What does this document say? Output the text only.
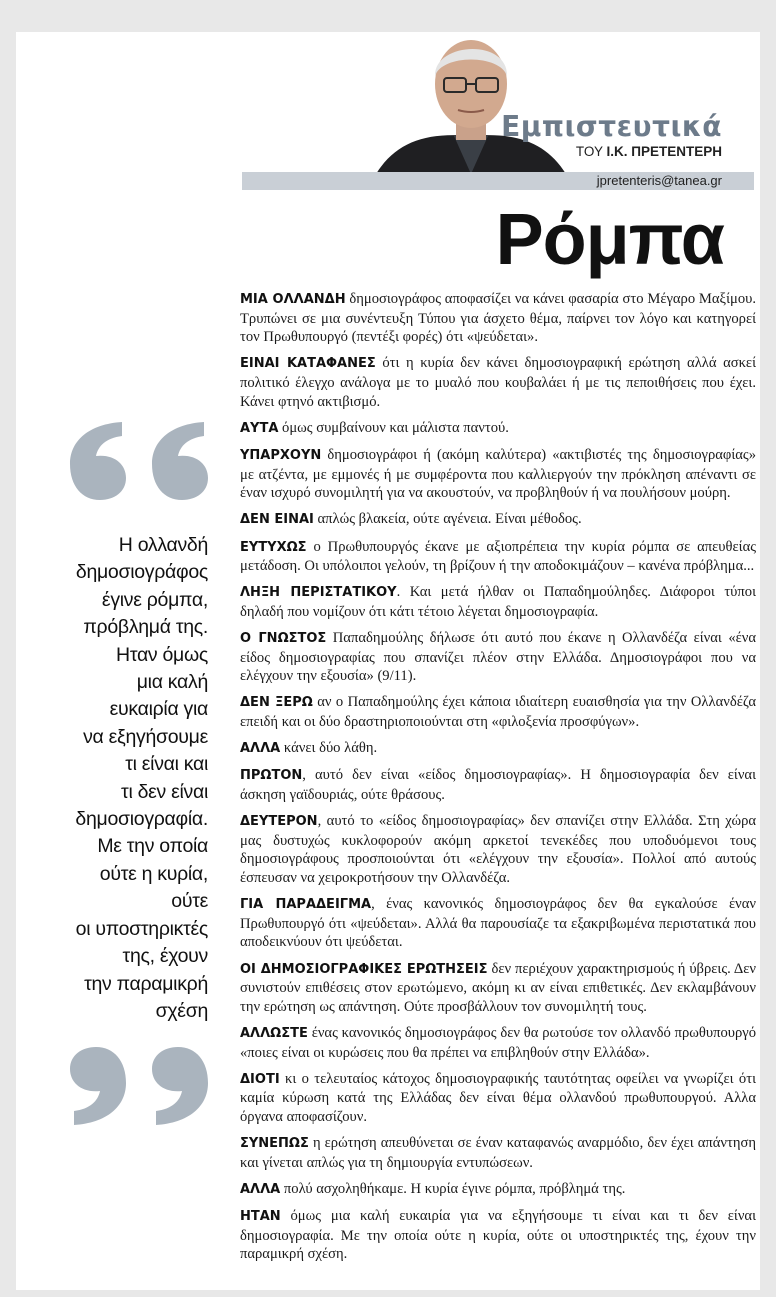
Εμπιστευτικά
ΤΟΥ Ι.Κ. ΠΡΕΤΕΝΤΕΡΗ
jpretenteris@tanea.gr
Ρόμπα
Η ολλανδή
δημοσιογράφος
έγινε ρόμπα,
πρόβλημά της.
Ηταν όμως
μια καλή
ευκαιρία για
να εξηγήσουμε
τι είναι και
τι δεν είναι
δημοσιογραφία.
Με την οποία
ούτε η κυρία,
ούτε
οι υποστηρικτές
της, έχουν
την παραμικρή
σχέση

ΜΙΑ ΟΛΛΑΝΔΗ δημοσιογράφος αποφασίζει να κάνει φασαρία στο Μέγαρο Μαξίμου. Τρυπώνει σε μια συνέντευξη Τύπου για άσχετο θέμα, παίρνει τον λόγο και κατηγορεί τον Πρωθυπουργό (πεντέξι φορές) ότι «ψεύδεται».

ΕΙΝΑΙ ΚΑΤΑΦΑΝΕΣ ότι η κυρία δεν κάνει δημοσιογραφική ερώτηση αλλά ασκεί πολιτικό έλεγχο ανάλογα με το μυαλό που κουβαλάει ή με τις πεποιθήσεις που έχει. Κάνει φτηνό ακτιβισμό.

ΑΥΤΑ όμως συμβαίνουν και μάλιστα παντού.

ΥΠΑΡΧΟΥΝ δημοσιογράφοι ή (ακόμη καλύτερα) «ακτιβιστές της δημοσιογραφίας» με ατζέντα, με εμμονές ή με συμφέροντα που καλλιεργούν την πρόκληση απέναντι σε έναν ισχυρό συνομιλητή για να ακουστούν, να προβληθούν ή να πουλήσουν μούρη.

ΔΕΝ ΕΙΝΑΙ απλώς βλακεία, ούτε αγένεια. Είναι μέθοδος.

ΕΥΤΥΧΩΣ ο Πρωθυπουργός έκανε με αξιοπρέπεια την κυρία ρόμπα σε απευθείας μετάδοση. Οι υπόλοιποι γελούν, τη βρίζουν ή την αποδοκιμάζουν – κανένα πρόβλημα...

ΛΗΞΗ ΠΕΡΙΣΤΑΤΙΚΟΥ. Και μετά ήλθαν οι Παπαδημούληδες. Διάφοροι τύποι δηλαδή που νομίζουν ότι κάτι τέτοιο λέγεται δημοσιογραφία.

Ο ΓΝΩΣΤΟΣ Παπαδημούλης δήλωσε ότι αυτό που έκανε η Ολλανδέζα είναι «ένα είδος δημοσιογραφίας που σπανίζει πλέον στην Ελλάδα. Δημοσιογράφοι που να ελέγχουν την εξουσία» (9/11).

ΔΕΝ ΞΕΡΩ αν ο Παπαδημούλης έχει κάποια ιδιαίτερη ευαισθησία για την Ολλανδέζα επειδή και οι δύο δραστηριοποιούνται στη «φιλοξενία προσφύγων».

ΑΛΛΑ κάνει δύο λάθη.

ΠΡΩΤΟΝ, αυτό δεν είναι «είδος δημοσιογραφίας». Η δημοσιογραφία δεν είναι άσκηση γαϊδουριάς, ούτε θράσους.

ΔΕΥΤΕΡΟΝ, αυτό το «είδος δημοσιογραφίας» δεν σπανίζει στην Ελλάδα. Στη χώρα μας δυστυχώς κυκλοφορούν ακόμη αρκετοί τενεκέδες που υποδυόμενοι τους δημοσιογράφους προσποιούνται ότι «ελέγχουν την εξουσία». Πολλοί από αυτούς έσπευσαν να χειροκροτήσουν την Ολλανδέζα.

ΓΙΑ ΠΑΡΑΔΕΙΓΜΑ, ένας κανονικός δημοσιογράφος δεν θα εγκαλούσε έναν Πρωθυπουργό ότι «ψεύδεται». Αλλά θα παρουσίαζε τα εξακριβωμένα περιστατικά που αποδεικνύουν ότι ψεύδεται.

ΟΙ ΔΗΜΟΣΙΟΓΡΑΦΙΚΕΣ ΕΡΩΤΗΣΕΙΣ δεν περιέχουν χαρακτηρισμούς ή ύβρεις. Δεν συνιστούν επιθέσεις στον ερωτώμενο, ακόμη κι αν είναι επιθετικές. Δεν εκλαμβάνουν την ερώτηση ως απάντηση. Ούτε προσβάλλουν τον συνομιλητή τους.

ΑΛΛΩΣΤΕ ένας κανονικός δημοσιογράφος δεν θα ρωτούσε τον ολλανδό πρωθυπουργό «ποιες είναι οι κυρώσεις που θα πρέπει να επιβληθούν στην Ελλάδα».

ΔΙΟΤΙ κι ο τελευταίος κάτοχος δημοσιογραφικής ταυτότητας οφείλει να γνωρίζει ότι καμία κύρωση κατά της Ελλάδας δεν είναι θέμα ολλανδού πρωθυπουργού. Αλλα όργανα αποφασίζουν.

ΣΥΝΕΠΩΣ η ερώτηση απευθύνεται σε έναν καταφανώς αναρμόδιο, δεν έχει απάντηση και γίνεται απλώς για τη δημιουργία εντυπώσεων.

ΑΛΛΑ πολύ ασχοληθήκαμε. Η κυρία έγινε ρόμπα, πρόβλημά της.

ΗΤΑΝ όμως μια καλή ευκαιρία για να εξηγήσουμε τι είναι και τι δεν είναι δημοσιογραφία. Με την οποία ούτε η κυρία, ούτε οι υποστηρικτές της, έχουν την παραμικρή σχέση.
